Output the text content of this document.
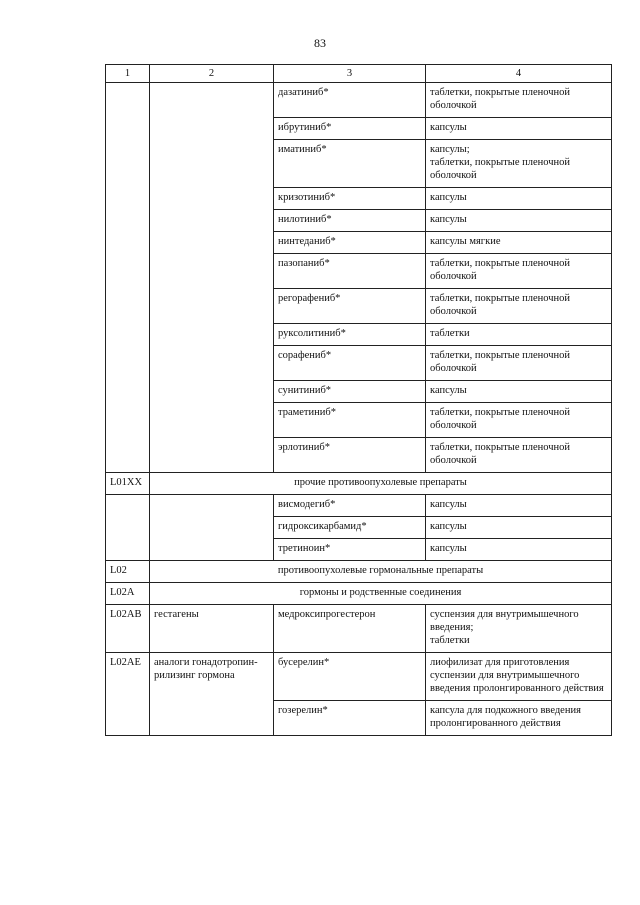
83
1	2	3	4
		дазатиниб*	таблетки, покрытые пленочной оболочкой
		ибрутиниб*	капсулы
		иматиниб*	капсулы;
таблетки, покрытые пленочной оболочкой
		кризотиниб*	капсулы
		нилотиниб*	капсулы
		нинтеданиб*	капсулы мягкие
		пазопаниб*	таблетки, покрытые пленочной оболочкой
		регорафениб*	таблетки, покрытые пленочной оболочкой
		руксолитиниб*	таблетки
		сорафениб*	таблетки, покрытые пленочной оболочкой
		сунитиниб*	капсулы
		траметиниб*	таблетки, покрытые пленочной оболочкой
		эрлотиниб*	таблетки, покрытые пленочной оболочкой
L01XX	прочие противоопухолевые препараты		
		висмодегиб*	капсулы
		гидроксикарбамид*	капсулы
		третиноин*	капсулы
L02	противоопухолевые гормональные препараты		
L02A	гормоны и родственные соединения		
L02AB	гестагены	медроксипрогестерон	суспензия для внутримышечного введения;
таблетки
L02AE	аналоги гонадотропин-рилизинг гормона	бусерелин*	лиофилизат для приготовления суспензии для внутримышечного введения пролонгированного действия
		гозерелин*	капсула для подкожного введения пролонгированного действия
